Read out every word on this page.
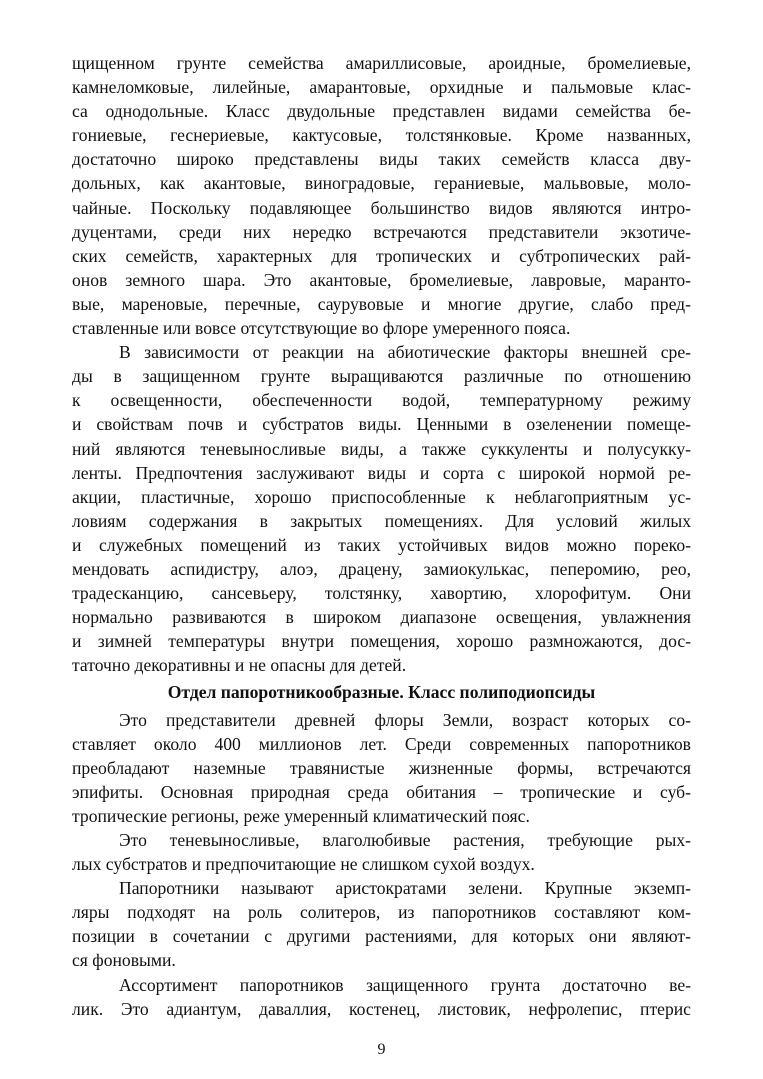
щищенном грунте семейства амариллисовые, ароидные, бромелиевые,
камнеломковые, лилейные, амарантовые, орхидные и пальмовые клас-
са однодольные. Класс двудольные представлен видами семейства бе-
гониевые, геснериевые, кактусовые, толстянковые. Кроме названных,
достаточно широко представлены виды таких семейств класса дву-
дольных, как акантовые, виноградовые, гераниевые, мальвовые, моло-
чайные. Поскольку подавляющее большинство видов являются интро-
дуцентами, среди них нередко встречаются представители экзотиче-
ских семейств, характерных для тропических и субтропических рай-
онов земного шара. Это акантовые, бромелиевые, лавровые, маранто-
вые, мареновые, перечные, саурувовые и многие другие, слабо пред-
ставленные или вовсе отсутствующие во флоре умеренного пояса.
В зависимости от реакции на абиотические факторы внешней сре-
ды в защищенном грунте выращиваются различные по отношению
к освещенности, обеспеченности водой, температурному режиму
и свойствам почв и субстратов виды. Ценными в озеленении помеще-
ний являются теневыносливые виды, а также суккуленты и полусукку-
ленты. Предпочтения заслуживают виды и сорта с широкой нормой ре-
акции, пластичные, хорошо приспособленные к неблагоприятным ус-
ловиям содержания в закрытых помещениях. Для условий жилых
и служебных помещений из таких устойчивых видов можно пореко-
мендовать аспидистру, алоэ, драцену, замиокулькас, пеперомию, рео,
традесканцию, сансевьеру, толстянку, хавортию, хлорофитум. Они
нормально развиваются в широком диапазоне освещения, увлажнения
и зимней температуры внутри помещения, хорошо размножаются, дос-
таточно декоративны и не опасны для детей.
Отдел папоротникообразные. Класс полиподиопсиды
Это представители древней флоры Земли, возраст которых со-
ставляет около 400 миллионов лет. Среди современных папоротников
преобладают наземные травянистые жизненные формы, встречаются
эпифиты. Основная природная среда обитания – тропические и суб-
тропические регионы, реже умеренный климатический пояс.
Это теневыносливые, влаголюбивые растения, требующие рых-
лых субстратов и предпочитающие не слишком сухой воздух.
Папоротники называют аристократами зелени. Крупные экземп-
ляры подходят на роль солитеров, из папоротников составляют ком-
позиции в сочетании с другими растениями, для которых они являют-
ся фоновыми.
Ассортимент папоротников защищенного грунта достаточно ве-
лик. Это адиантум, даваллия, костенец, листовик, нефролепис, птерис
9
